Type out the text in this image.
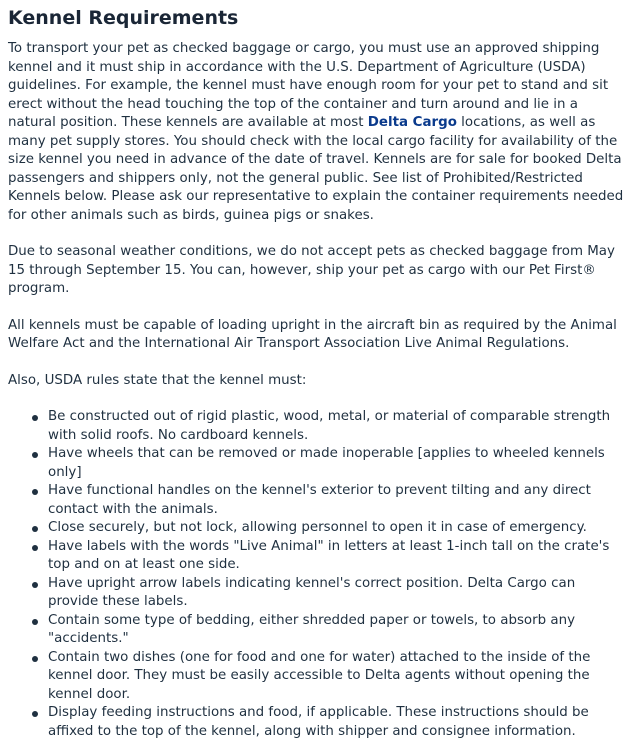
Kennel Requirements

To transport your pet as checked baggage or cargo, you must use an approved shipping kennel and it must ship in accordance with the U.S. Department of Agriculture (USDA) guidelines. For example, the kennel must have enough room for your pet to stand and sit erect without the head touching the top of the container and turn around and lie in a natural position. These kennels are available at most Delta Cargo locations, as well as many pet supply stores. You should check with the local cargo facility for availability of the size kennel you need in advance of the date of travel. Kennels are for sale for booked Delta passengers and shippers only, not the general public. See list of Prohibited/Restricted Kennels below. Please ask our representative to explain the container requirements needed for other animals such as birds, guinea pigs or snakes.

Due to seasonal weather conditions, we do not accept pets as checked baggage from May 15 through September 15. You can, however, ship your pet as cargo with our Pet First® program.

All kennels must be capable of loading upright in the aircraft bin as required by the Animal Welfare Act and the International Air Transport Association Live Animal Regulations.

Also, USDA rules state that the kennel must:

Be constructed out of rigid plastic, wood, metal, or material of comparable strength with solid roofs. No cardboard kennels.
Have wheels that can be removed or made inoperable [applies to wheeled kennels only]
Have functional handles on the kennel's exterior to prevent tilting and any direct contact with the animals.
Close securely, but not lock, allowing personnel to open it in case of emergency.
Have labels with the words "Live Animal" in letters at least 1-inch tall on the crate's top and on at least one side.
Have upright arrow labels indicating kennel's correct position. Delta Cargo can provide these labels.
Contain some type of bedding, either shredded paper or towels, to absorb any "accidents."
Contain two dishes (one for food and one for water) attached to the inside of the kennel door. They must be easily accessible to Delta agents without opening the kennel door.
Display feeding instructions and food, if applicable. These instructions should be affixed to the top of the kennel, along with shipper and consignee information.
